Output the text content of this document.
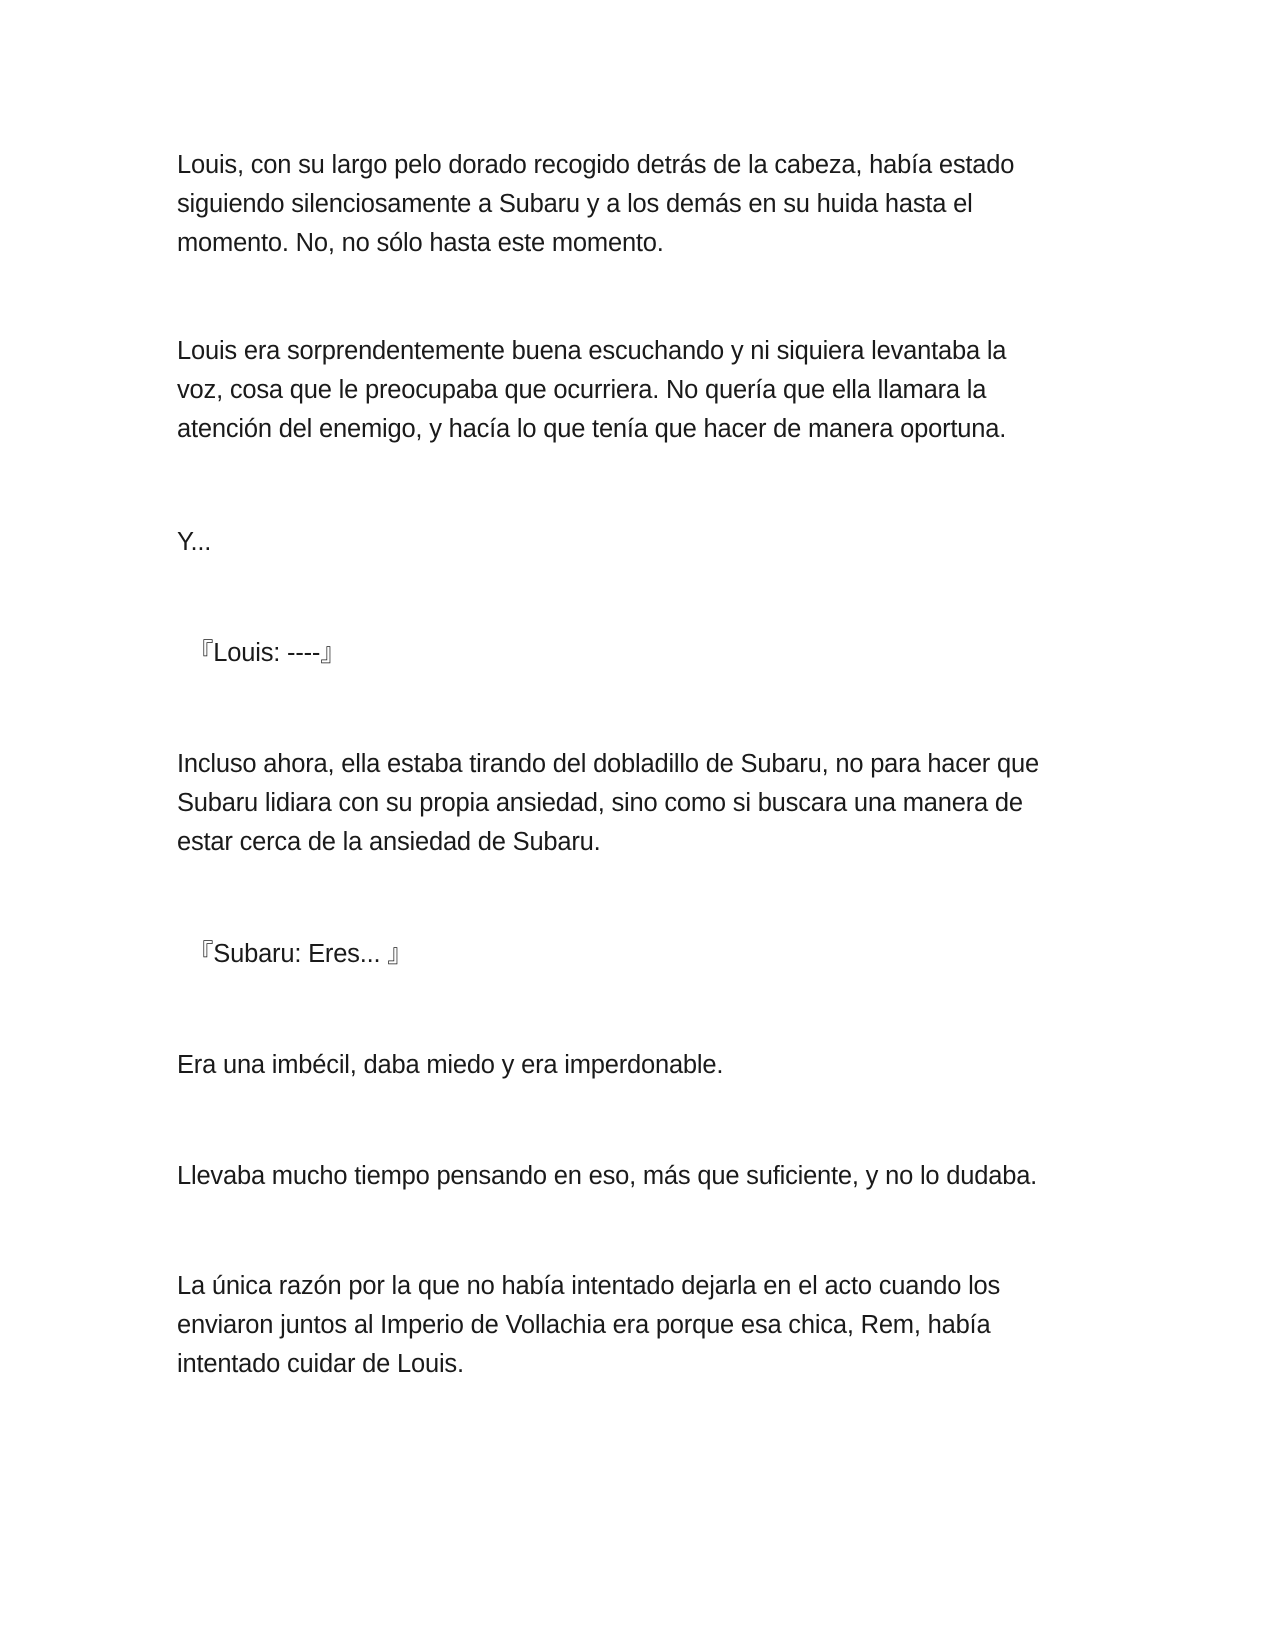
Louis, con su largo pelo dorado recogido detrás de la cabeza, había estado
siguiendo silenciosamente a Subaru y a los demás en su huida hasta el
momento. No, no sólo hasta este momento.

Louis era sorprendentemente buena escuchando y ni siquiera levantaba la
voz, cosa que le preocupaba que ocurriera. No quería que ella llamara la
atención del enemigo, y hacía lo que tenía que hacer de manera oportuna.

Y...

『Louis: ----』

Incluso ahora, ella estaba tirando del dobladillo de Subaru, no para hacer que
Subaru lidiara con su propia ansiedad, sino como si buscara una manera de
estar cerca de la ansiedad de Subaru.

『Subaru: Eres... 』

Era una imbécil, daba miedo y era imperdonable.

Llevaba mucho tiempo pensando en eso, más que suficiente, y no lo dudaba.

La única razón por la que no había intentado dejarla en el acto cuando los
enviaron juntos al Imperio de Vollachia era porque esa chica, Rem, había
intentado cuidar de Louis.
